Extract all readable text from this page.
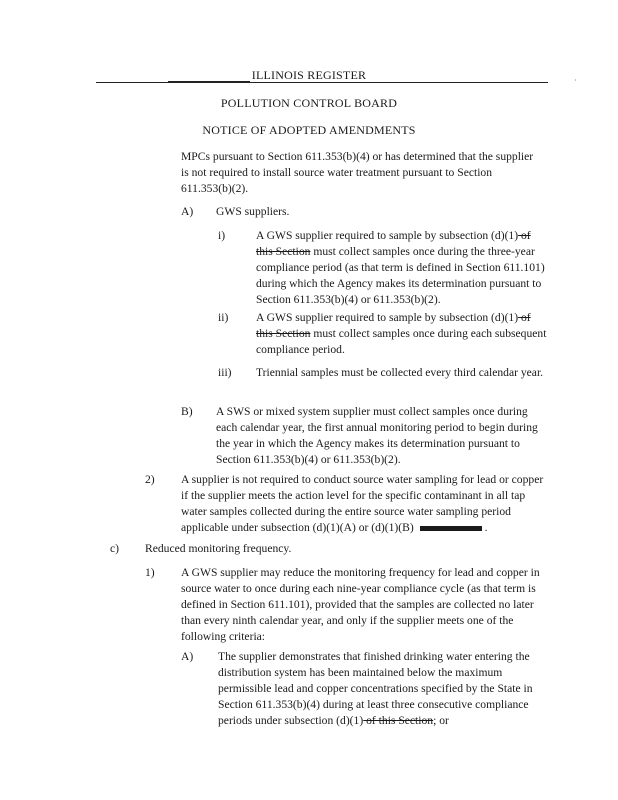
·
ILLINOIS REGISTER
POLLUTION CONTROL BOARD
NOTICE OF ADOPTED AMENDMENTS

MPCs pursuant to Section 611.353(b)(4) or has determined that the supplier is not required to install source water treatment pursuant to Section 611.353(b)(2).

A) GWS suppliers.

i)	A GWS supplier required to sample by subsection (d)(1) of this Section must collect samples once during the three-year compliance period (as that term is defined in Section 611.101) during which the Agency makes its determination pursuant to Section 611.353(b)(4) or 611.353(b)(2).

ii) A GWS supplier required to sample by subsection (d)(1) of this Section must collect samples once during each subsequent compliance period.

iii) Triennial samples must be collected every third calendar year.

B) A SWS or mixed system supplier must collect samples once during each calendar year, the first annual monitoring period to begin during the year in which the Agency makes its determination pursuant to Section 611.353(b)(4) or 611.353(b)(2).

2) A supplier is not required to conduct source water sampling for lead or copper if the supplier meets the action level for the specific contaminant in all tap water samples collected during the entire source water sampling period applicable under subsection (d)(1)(A) or (d)(1)(B)	.

c) Reduced monitoring frequency.

1) A GWS supplier may reduce the monitoring frequency for lead and copper in source water to once during each nine-year compliance cycle (as that term is defined in Section 611.101), provided that the samples are collected no later than every ninth calendar year, and only if the supplier meets one of the following criteria:

A) The supplier demonstrates that finished drinking water entering the distribution system has been maintained below the maximum permissible lead and copper concentrations specified by the State in Section 611.353(b)(4) during at least three consecutive compliance periods under subsection (d)(1) of this Section; or
